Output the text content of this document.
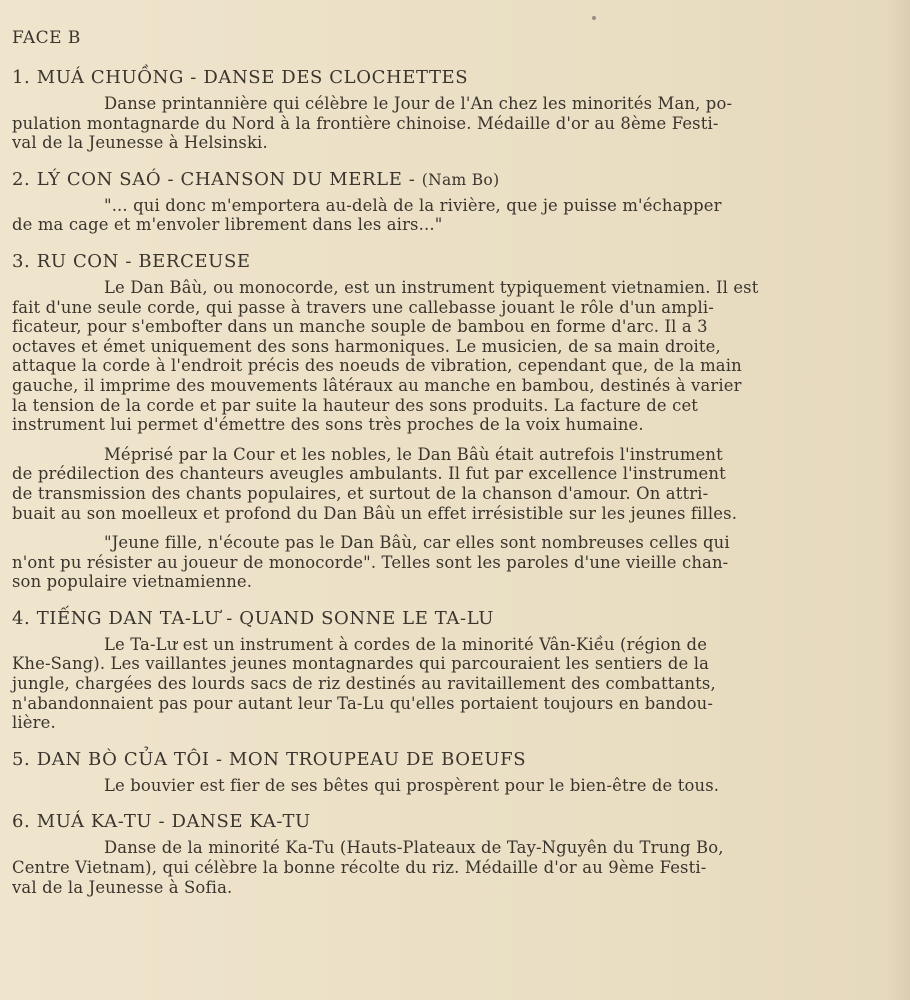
FACE B
1. MUÁ CHUỒNG - DANSE DES CLOCHETTES
Danse printannière qui célèbre le Jour de l'An chez les minorités Man, po-
pulation montagnarde du Nord à la frontière chinoise. Médaille d'or au 8ème Festi-
val de la Jeunesse à Helsinski.
2. LÝ CON SAÓ - CHANSON DU MERLE - (Nam Bo)
"... qui donc m'emportera au-delà de la rivière, que je puisse m'échapper
de ma cage et m'envoler librement dans les airs..."
3. RU CON - BERCEUSE
Le Dan Bâù, ou monocorde, est un instrument typiquement vietnamien. Il est
fait d'une seule corde, qui passe à travers une callebasse jouant le rôle d'un ampli-
ficateur, pour s'embofter dans un manche souple de bambou en forme d'arc. Il a 3
octaves et émet uniquement des sons harmoniques. Le musicien, de sa main droite,
attaque la corde à l'endroit précis des noeuds de vibration, cependant que, de la main
gauche, il imprime des mouvements lâtéraux au manche en bambou, destinés à varier
la tension de la corde et par suite la hauteur des sons produits. La facture de cet
instrument lui permet d'émettre des sons très proches de la voix humaine.
Méprisé par la Cour et les nobles, le Dan Bâù était autrefois l'instrument
de prédilection des chanteurs aveugles ambulants. Il fut par excellence l'instrument
de transmission des chants populaires, et surtout de la chanson d'amour. On attri-
buait au son moelleux et profond du Dan Bâù un effet irrésistible sur les jeunes filles.
"Jeune fille, n'écoute pas le Dan Bâù, car elles sont nombreuses celles qui
n'ont pu résister au joueur de monocorde". Telles sont les paroles d'une vieille chan-
son populaire vietnamienne.
4. TIẾNG DAN TA-LƯ - QUAND SONNE LE TA-LU
Le Ta-Lư est un instrument à cordes de la minorité Vân-Kiều (région de
Khe-Sang). Les vaillantes jeunes montagnardes qui parcouraient les sentiers de la
jungle, chargées des lourds sacs de riz destinés au ravitaillement des combattants,
n'abandonnaient pas pour autant leur Ta-Lu qu'elles portaient toujours en bandou-
lière.
5. DAN BÒ CỦA TÔI - MON TROUPEAU DE BOEUFS
Le bouvier est fier de ses bêtes qui prospèrent pour le bien-être de tous.
6. MUÁ KA-TU - DANSE KA-TU
Danse de la minorité Ka-Tu (Hauts-Plateaux de Tay-Nguyên du Trung Bo,
Centre Vietnam), qui célèbre la bonne récolte du riz. Médaille d'or au 9ème Festi-
val de la Jeunesse à Sofia.
